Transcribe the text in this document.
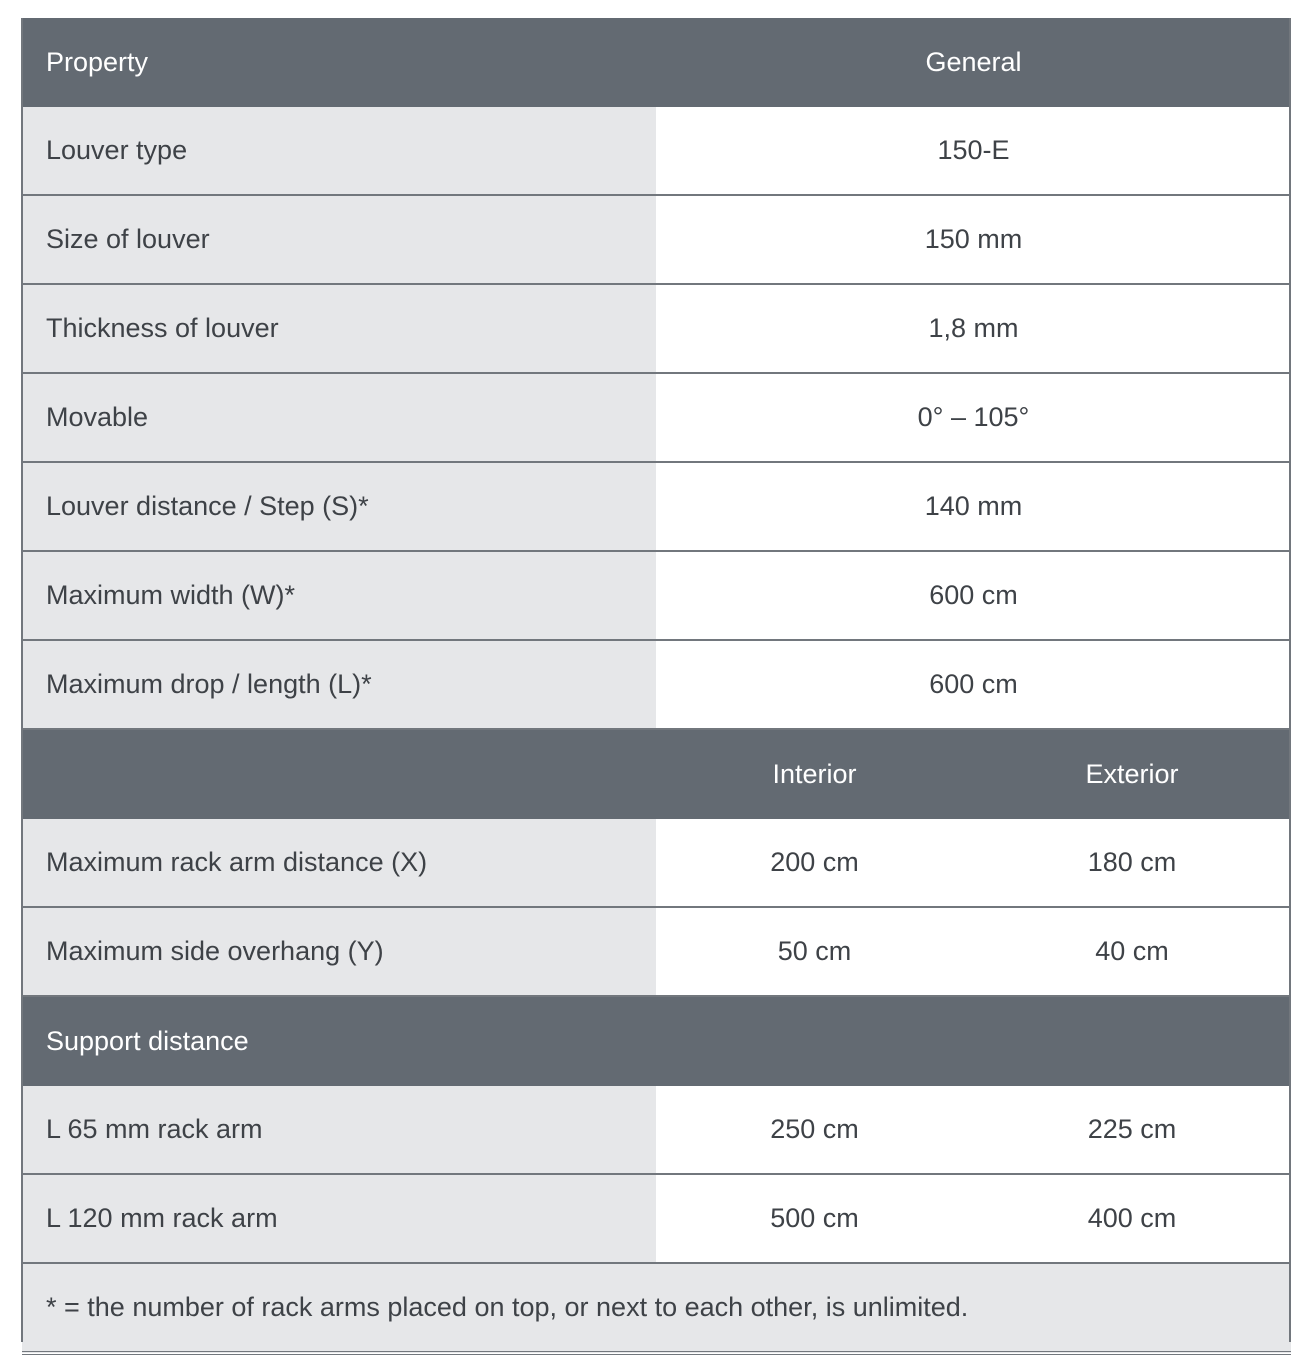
Property	General	
Louver type	150-E	
Size of louver	150 mm	
Thickness of louver	1,8 mm	
Movable	0° – 105°	
Louver distance / Step (S)*	140 mm	
Maximum width (W)*	600 cm	
Maximum drop / length (L)*	600 cm	
	Interior	Exterior
Maximum rack arm distance (X)	200 cm	180 cm
Maximum side overhang (Y)	50 cm	40 cm
Support distance		
L 65 mm rack arm	250 cm	225 cm
L 120 mm rack arm	500 cm	400 cm
* = the number of rack arms placed on top, or next to each other, is unlimited.		
